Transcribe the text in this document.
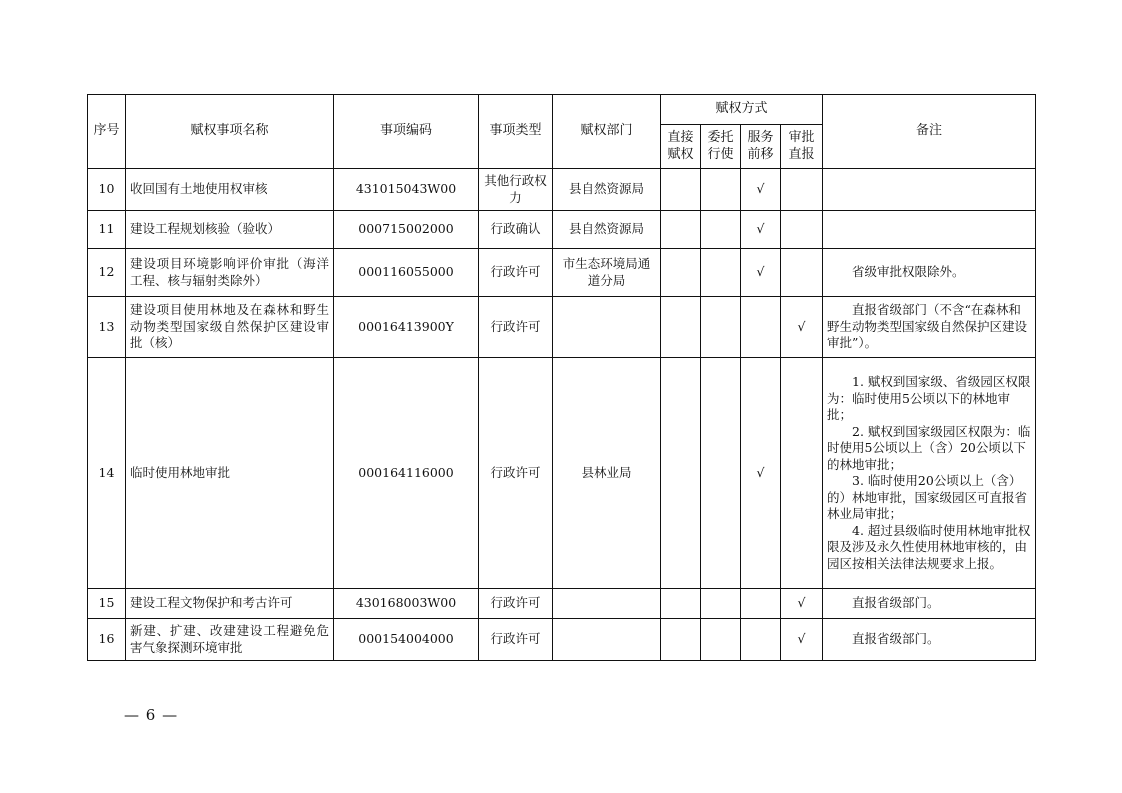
序号	赋权事项名称	事项编码	事项类型	赋权部门	赋权方式				备注
					直接赋权	委托行使	服务前移	审批直报	
10	收回国有土地使用权审核	431015043W00	其他行政权力	县自然资源局			√		
11	建设工程规划核验（验收）	000715002000	行政确认	县自然资源局			√		
12	建设项目环境影响评价审批（海洋工程、核与辐射类除外）	000116055000	行政许可	市生态环境局通道分局			√		省级审批权限除外。

13	建设项目使用林地及在森林和野生动物类型国家级自然保护区建设审批（核）	00016413900Y	行政许可					√	直报省级部门（不含“在森林和野生动物类型国家级自然保护区建设审批”）。

14	临时使用林地审批	000164116000	行政许可	县林业局			√		1. 赋权到国家级、省级园区权限为：临时使用5公顷以下的林地审批；

2. 赋权到国家级园区权限为：临时使用5公顷以上（含）20公顷以下的林地审批；

3. 临时使用20公顷以上（含）的）林地审批，国家级园区可直报省林业局审批；

4. 超过县级临时使用林地审批权限及涉及永久性使用林地审核的，由园区按相关法律法规要求上报。

15	建设工程文物保护和考古许可	430168003W00	行政许可					√	直报省级部门。

16	新建、扩建、改建建设工程避免危害气象探测环境审批	000154004000	行政许可					√	直报省级部门。

— 6 —
